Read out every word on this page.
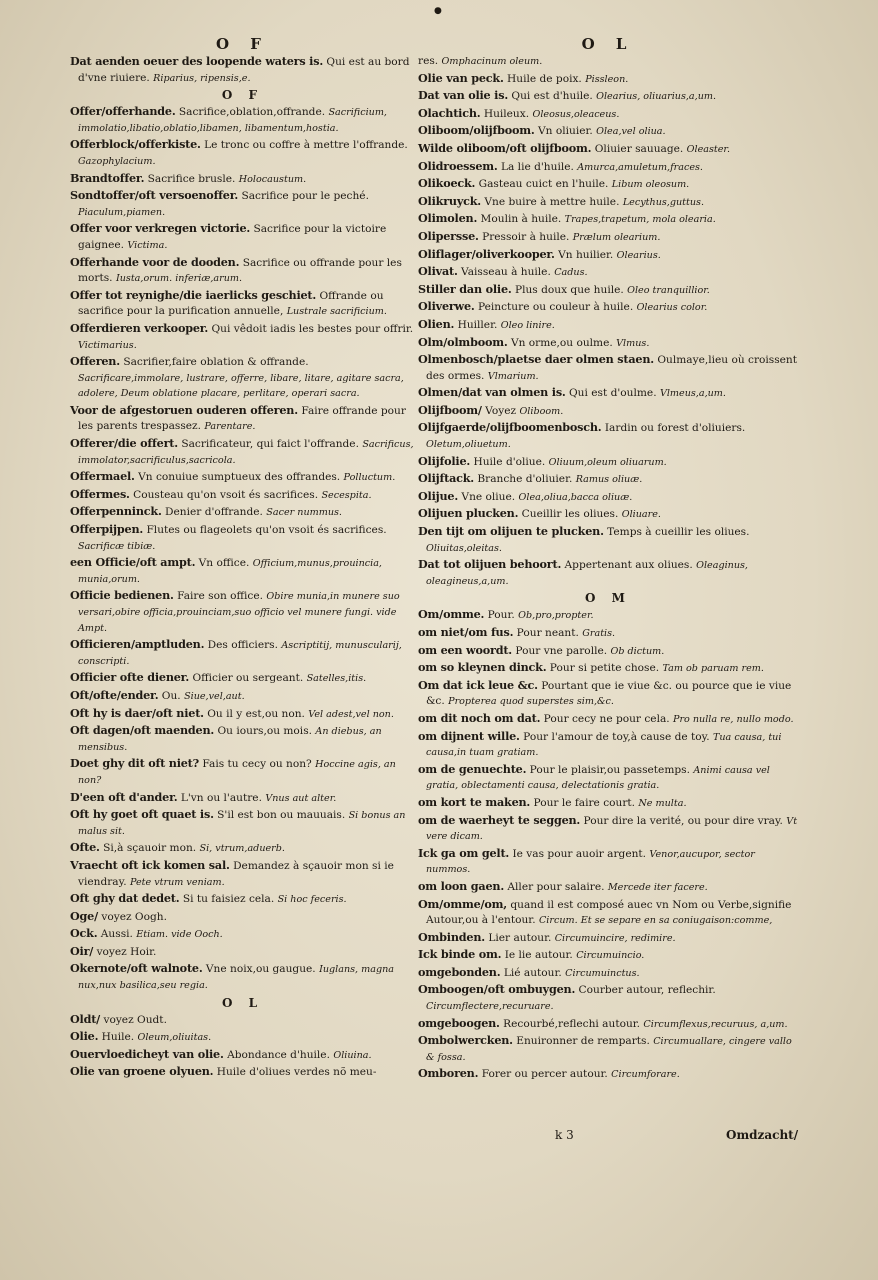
●
O F
Dat aenden oeuer des loopende waters is. Qui est au bord d'vne riuiere. Riparius, ripensis,e.
O F
Offer/offerhande. Sacrifice,oblation,offrande. Sacrificium, immolatio,libatio,oblatio,libamen, libamentum,hostia.
Offerblock/offerkiste. Le tronc ou coffre à mettre l'offrande. Gazophylacium.
Brandtoffer. Sacrifice brusle. Holocaustum.
Sondtoffer/oft versoenoffer. Sacrifice pour le peché. Piaculum,piamen.
Offer voor verkregen victorie. Sacrifice pour la victoire gaignee. Victima.
Offerhande voor de dooden. Sacrifice ou offrande pour les morts. Iusta,orum. inferiæ,arum.
Offer tot reynighe/die iaerlicks geschiet. Offrande ou sacrifice pour la purification annuelle, Lustrale sacrificium.
Offerdieren verkooper. Qui vêdoit iadis les bestes pour offrir. Victimarius.
Offeren. Sacrifier,faire oblation & offrande. Sacrificare,immolare, lustrare, offerre, libare, litare, agitare sacra, adolere, Deum oblatione placare, perlitare, operari sacra.
Voor de afgestoruen ouderen offeren. Faire offrande pour les parents trespassez. Parentare.
Offerer/die offert. Sacrificateur, qui faict l'offrande. Sacrificus, immolator,sacrificulus,sacricola.
Offermael. Vn conuiue sumptueux des offrandes. Polluctum.
Offermes. Cousteau qu'on vsoit és sacrifices. Secespita.
Offerpenninck. Denier d'offrande. Sacer nummus.
Offerpijpen. Flutes ou flageolets qu'on vsoit és sacrifices. Sacrificæ tibiæ.
een Officie/oft ampt. Vn office. Officium,munus,prouincia, munia,orum.
Officie bedienen. Faire son office. Obire munia,in munere suo versari,obire officia,prouinciam,suo officio vel munere fungi. vide Ampt.
Officieren/amptluden. Des officiers. Ascriptitij, munuscularij, conscripti.
Officier ofte diener. Officier ou sergeant. Satelles,itis.
Oft/ofte/ender. Ou. Siue,vel,aut.
Oft hy is daer/oft niet. Ou il y est,ou non. Vel adest,vel non.
Oft dagen/oft maenden. Ou iours,ou mois. An diebus, an mensibus.
Doet ghy dit oft niet? Fais tu cecy ou non? Hoccine agis, an non?
D'een oft d'ander. L'vn ou l'autre. Vnus aut alter.
Oft hy goet oft quaet is. S'il est bon ou mauuais. Si bonus an malus sit.
Ofte. Si,à sçauoir mon. Si, vtrum,aduerb.
Vraecht oft ick komen sal. Demandez à sçauoir mon si ie viendray. Pete vtrum veniam.
Oft ghy dat dedet. Si tu faisiez cela. Si hoc feceris.
Oge/ voyez Oogh.
Ock. Aussi. Etiam. vide Ooch.
Oir/ voyez Hoir.
Okernote/oft walnote. Vne noix,ou gaugue. Iuglans, magna nux,nux basilica,seu regia.
O L
Oldt/ voyez Oudt.
Olie. Huile. Oleum,oliuitas.
Ouervloedicheyt van olie. Abondance d'huile. Oliuina.
Olie van groene olyuen. Huile d'oliues verdes nõ meu-
O L
res. Omphacinum oleum.
Olie van peck. Huile de poix. Pissleon.
Dat van olie is. Qui est d'huile. Olearius, oliuarius,a,um.
Olachtich. Huileux. Oleosus,oleaceus.
Oliboom/olijfboom. Vn oliuier. Olea,vel oliua.
Wilde oliboom/oft olijfboom. Oliuier sauuage. Oleaster.
Olidroessem. La lie d'huile. Amurca,amuletum,fraces.
Olikoeck. Gasteau cuict en l'huile. Libum oleosum.
Olikruyck. Vne buire à mettre huile. Lecythus,guttus.
Olimolen. Moulin à huile. Trapes,trapetum, mola olearia.
Olipersse. Pressoir à huile. Prælum olearium.
Oliflager/oliverkooper. Vn huilier. Olearius.
Olivat. Vaisseau à huile. Cadus.
Stiller dan olie. Plus doux que huile. Oleo tranquillior.
Oliverwe. Peincture ou couleur à huile. Olearius color.
Olien. Huiller. Oleo linire.
Olm/olmboom. Vn orme,ou oulme. Vlmus.
Olmenbosch/plaetse daer olmen staen. Oulmaye,lieu où croissent des ormes. Vlmarium.
Olmen/dat van olmen is. Qui est d'oulme. Vlmeus,a,um.
Olijfboom/ Voyez Oliboom.
Olijfgaerde/olijfboomenbosch. Iardin ou forest d'oliuiers. Oletum,oliuetum.
Olijfolie. Huile d'oliue. Oliuum,oleum oliuarum.
Olijftack. Branche d'oliuier. Ramus oliuæ.
Olijue. Vne oliue. Olea,oliua,bacca oliuæ.
Olijuen plucken. Cueillir les oliues. Oliuare.
Den tijt om olijuen te plucken. Temps à cueillir les oliues. Oliuitas,oleitas.
Dat tot olijuen behoort. Appertenant aux oliues. Oleaginus, oleagineus,a,um.
O M
Om/omme. Pour. Ob,pro,propter.
om niet/om fus. Pour neant. Gratis.
om een woordt. Pour vne parolle. Ob dictum.
om so kleynen dinck. Pour si petite chose. Tam ob paruam rem.
Om dat ick leue &c. Pourtant que ie viue &c. ou pource que ie viue &c. Propterea quod superstes sim,&c.
om dit noch om dat. Pour cecy ne pour cela. Pro nulla re, nullo modo.
om dijnent wille. Pour l'amour de toy,à cause de toy. Tua causa, tui causa,in tuam gratiam.
om de genuechte. Pour le plaisir,ou passetemps. Animi causa vel gratia, oblectamenti causa, delectationis gratia.
om kort te maken. Pour le faire court. Ne multa.
om de waerheyt te seggen. Pour dire la verité, ou pour dire vray. Vt vere dicam.
Ick ga om gelt. Ie vas pour auoir argent. Venor,aucupor, sector nummos.
om loon gaen. Aller pour salaire. Mercede iter facere.
Om/omme/om, quand il est composé auec vn Nom ou Verbe,signifie Autour,ou à l'entour. Circum. Et se separe en sa coniugaison:comme,
Ombinden. Lier autour. Circumuincire, redimire.
Ick binde om. Ie lie autour. Circumuincio.
omgebonden. Lié autour. Circumuinctus.
Omboogen/oft ombuygen. Courber autour, reflechir. Circumflectere,recuruare.
omgeboogen. Recourbé,reflechi autour. Circumflexus,recuruus, a,um.
Ombolwercken. Enuironner de remparts. Circumuallare, cingere vallo & fossa.
Omboren. Forer ou percer autour. Circumforare.
k 3	Omdzacht/
